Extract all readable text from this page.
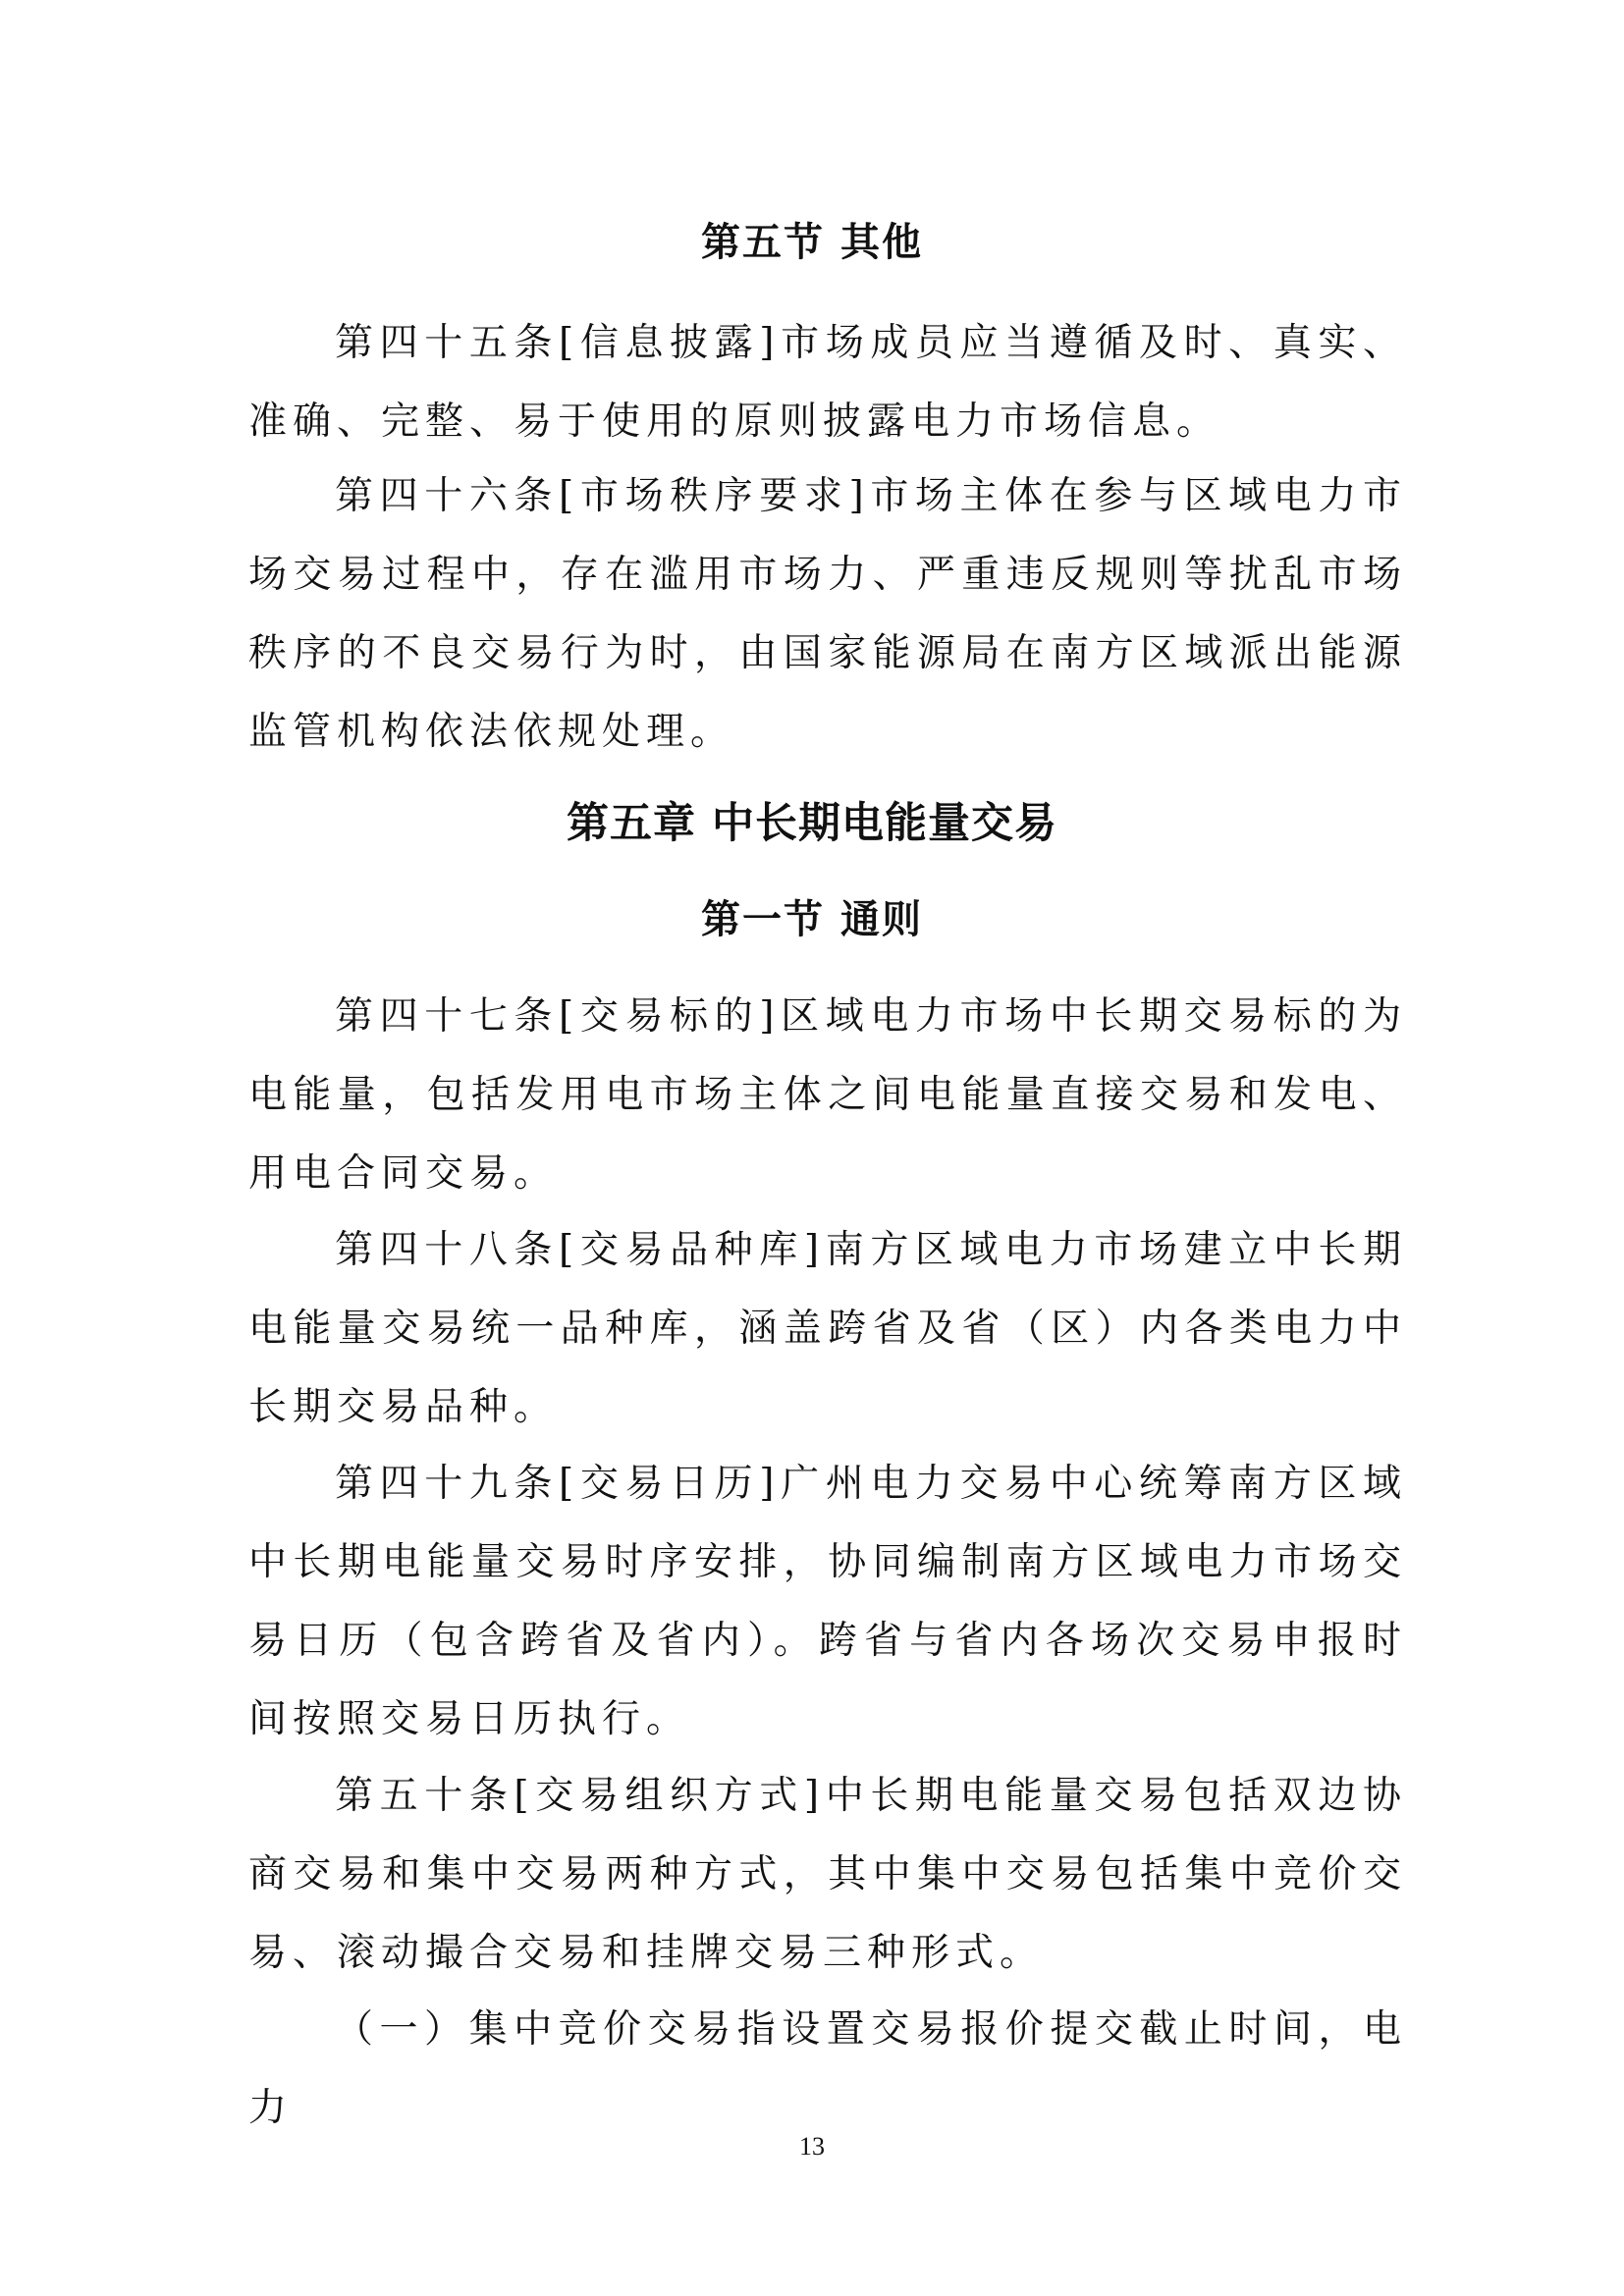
第五节 其他
第四十五条[信息披露]市场成员应当遵循及时、真实、准确、完整、易于使用的原则披露电力市场信息。
第四十六条[市场秩序要求]市场主体在参与区域电力市场交易过程中，存在滥用市场力、严重违反规则等扰乱市场秩序的不良交易行为时，由国家能源局在南方区域派出能源监管机构依法依规处理。
第五章 中长期电能量交易
第一节 通则
第四十七条[交易标的]区域电力市场中长期交易标的为电能量，包括发用电市场主体之间电能量直接交易和发电、用电合同交易。
第四十八条[交易品种库]南方区域电力市场建立中长期电能量交易统一品种库，涵盖跨省及省（区）内各类电力中长期交易品种。
第四十九条[交易日历]广州电力交易中心统筹南方区域中长期电能量交易时序安排，协同编制南方区域电力市场交易日历（包含跨省及省内）。跨省与省内各场次交易申报时间按照交易日历执行。
第五十条[交易组织方式]中长期电能量交易包括双边协商交易和集中交易两种方式，其中集中交易包括集中竞价交易、滚动撮合交易和挂牌交易三种形式。
（一）集中竞价交易指设置交易报价提交截止时间，电力
13
